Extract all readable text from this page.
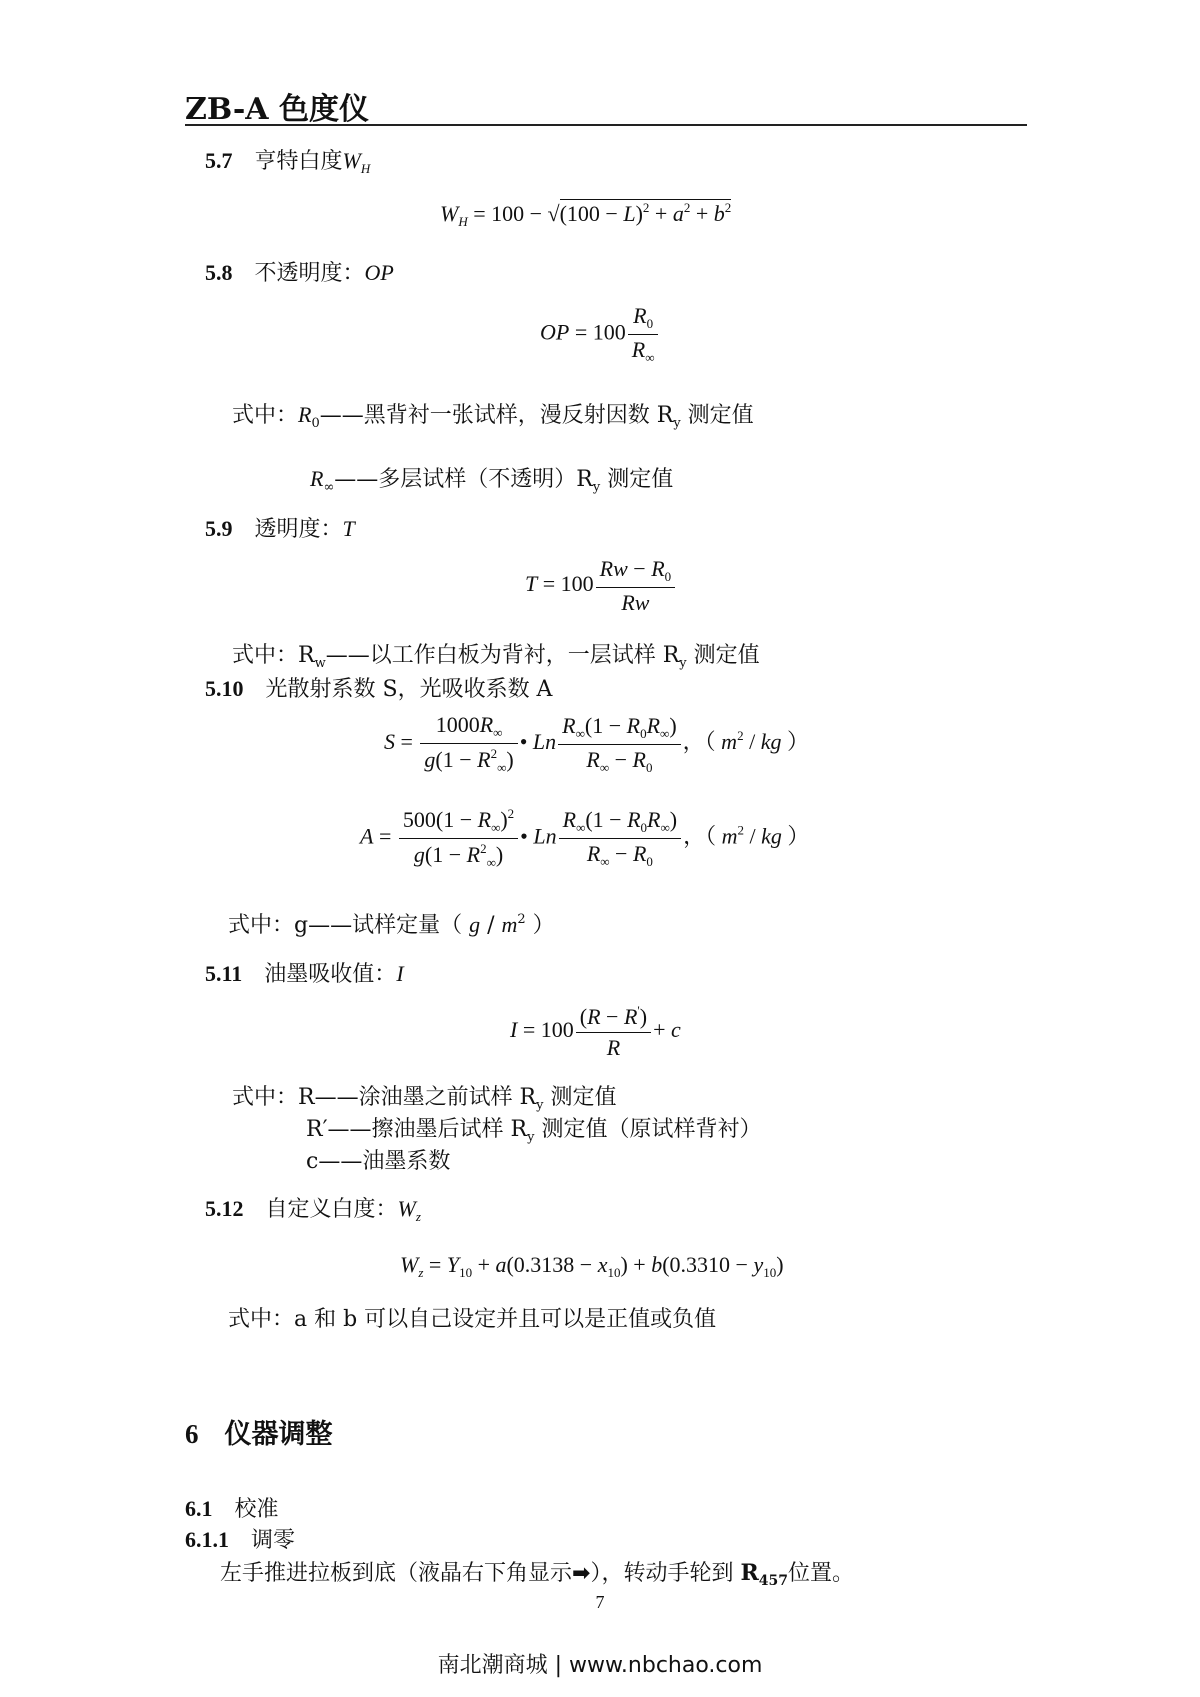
ZB-A 色度仪
5.7 亨特白度$W_H$
$W_H = 100 - √(100 - L)^2 + a^2 + b^2$
5.8 不透明度：OP
OP = $100 \frac{R_0}{R_\infty}$
式中：$R_0——$黑背衬一张试样，漫反射因数 $R_y$ 测定值
$R_\infty——$多层试样（不透明）$R_y$ 测定值
5.9 透明度：T
$T = 100 \frac{Rw - R_0}{Rw}$
式中：$R_w——$以工作白板为背衬，一层试样 $R_y$ 测定值
5.10 光散射系数 S，光吸收系数 A
$S = \frac{1000R_\infty}{g(1 - R^2_\infty)}$ • Ln $\frac{R_\infty(1 - R_0R_\infty)}{R_\infty - R_0}$ ，（ $m^2$ / kg ）
$A = \frac{500(1 - R_\infty)^2}{g(1 - R^2_\infty)}$ • Ln $\frac{R_\infty(1 - R_0R_\infty)}{R_\infty - R_0}$ ，（ $m^2$ / kg ）
式中：g——试样定量（ g / $m^2$ ）
5.11 油墨吸收值：I
$I = 100 \frac{(R - R')}{R} + c$
式中：R——涂油墨之前试样 $R_y$ 测定值
R′——擦油墨后试样 $R_y$ 测定值（原试样背衬）
c——油墨系数
5.12 自定义白度：$W_z$
$W_z = Y_{10} + a(0.3138 - x_{10}) + b(0.3310 - y_{10})$
式中：a 和 b 可以自己设定并且可以是正值或负值
6 仪器调整
6.1 校准
6.1.1 调零
左手推进拉板到底（液晶右下角显示➡），转动手轮到 $R_{457}$位置。
7
南北潮商城 | www.nbchao.com
